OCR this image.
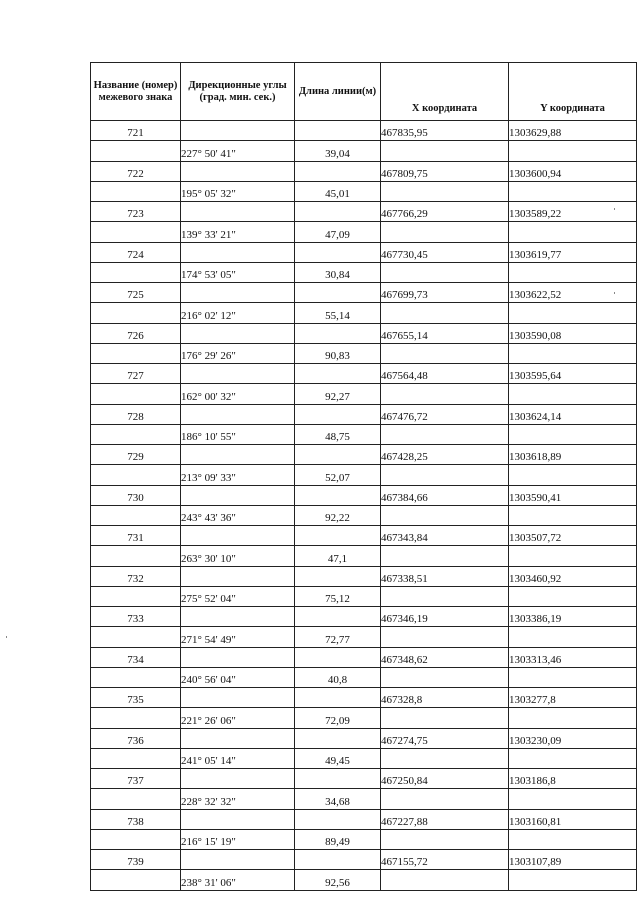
Название (номер) межевого знака	Дирекционные углы (град. мин. сек.)	Длина линии(м)	X координата	Y координата
721			467835,95	1303629,88
	227° 50' 41"	39,04		
722			467809,75	1303600,94
	195° 05' 32"	45,01		
723			467766,29	1303589,22
	139° 33' 21"	47,09		
724			467730,45	1303619,77
	174° 53' 05"	30,84		
725			467699,73	1303622,52
	216° 02' 12"	55,14		
726			467655,14	1303590,08
	176° 29' 26"	90,83		
727			467564,48	1303595,64
	162° 00' 32"	92,27		
728			467476,72	1303624,14
	186° 10' 55"	48,75		
729			467428,25	1303618,89
	213° 09' 33"	52,07		
730			467384,66	1303590,41
	243° 43' 36"	92,22		
731			467343,84	1303507,72
	263° 30' 10"	47,1		
732			467338,51	1303460,92
	275° 52' 04"	75,12		
733			467346,19	1303386,19
	271° 54' 49"	72,77		
734			467348,62	1303313,46
	240° 56' 04"	40,8		
735			467328,8	1303277,8
	221° 26' 06"	72,09		
736			467274,75	1303230,09
	241° 05' 14"	49,45		
737			467250,84	1303186,8
	228° 32' 32"	34,68		
738			467227,88	1303160,81
	216° 15' 19"	89,49		
739			467155,72	1303107,89
	238° 31' 06"	92,56		
